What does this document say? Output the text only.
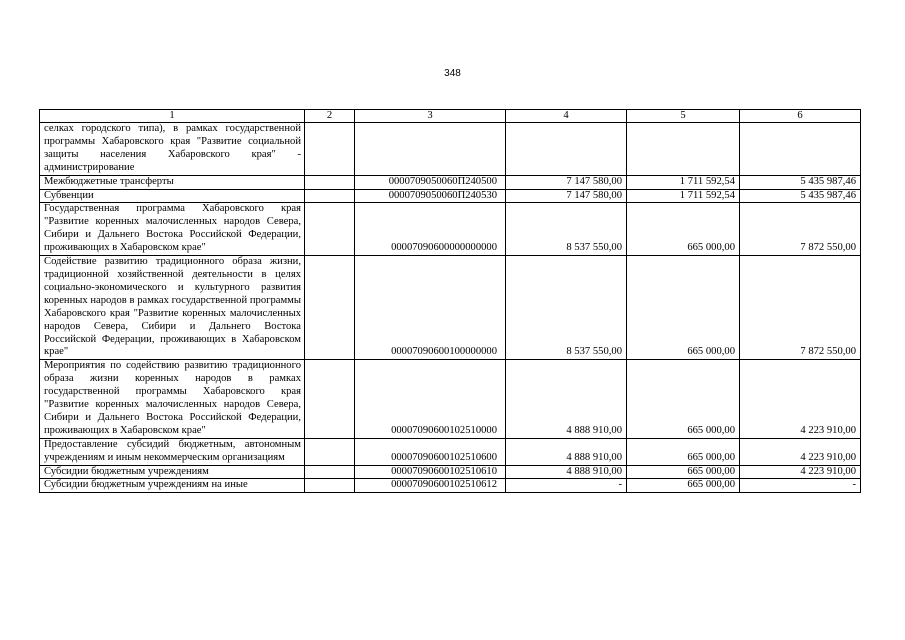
348
1	2	3	4	5	6
селках городского типа), в рамках государственной программы Хабаровского края "Развитие социальной защиты населения Хабаровского края" - администрирование					
Межбюджетные трансферты		0000709050060П240500	7 147 580,00	1 711 592,54	5 435 987,46
Субвенции		0000709050060П240530	7 147 580,00	1 711 592,54	5 435 987,46
Государственная программа Хабаровского края "Развитие коренных малочисленных народов Севера, Сибири и Дальнего Востока Российской Федерации, проживающих в Хабаровском крае"		00007090600000000000	8 537 550,00	665 000,00	7 872 550,00
Содействие развитию традиционного образа жизни, традиционной хозяйственной деятельности в целях социально-экономического и культурного развития коренных народов в рамках государственной программы Хабаровского края "Развитие коренных малочисленных народов Севера, Сибири и Дальнего Востока Российской Федерации, проживающих в Хабаровском крае"		00007090600100000000	8 537 550,00	665 000,00	7 872 550,00
Мероприятия по содействию развитию традиционного образа жизни коренных народов в рамках государственной программы Хабаровского края "Развитие коренных малочисленных народов Севера, Сибири и Дальнего Востока Российской Федерации, проживающих в Хабаровском крае"		00007090600102510000	4 888 910,00	665 000,00	4 223 910,00
Предоставление субсидий бюджетным, автономным учреждениям и иным некоммерческим организациям		00007090600102510600	4 888 910,00	665 000,00	4 223 910,00
Субсидии бюджетным учреждениям		00007090600102510610	4 888 910,00	665 000,00	4 223 910,00
Субсидии бюджетным учреждениям на иные		00007090600102510612	-	665 000,00	-
